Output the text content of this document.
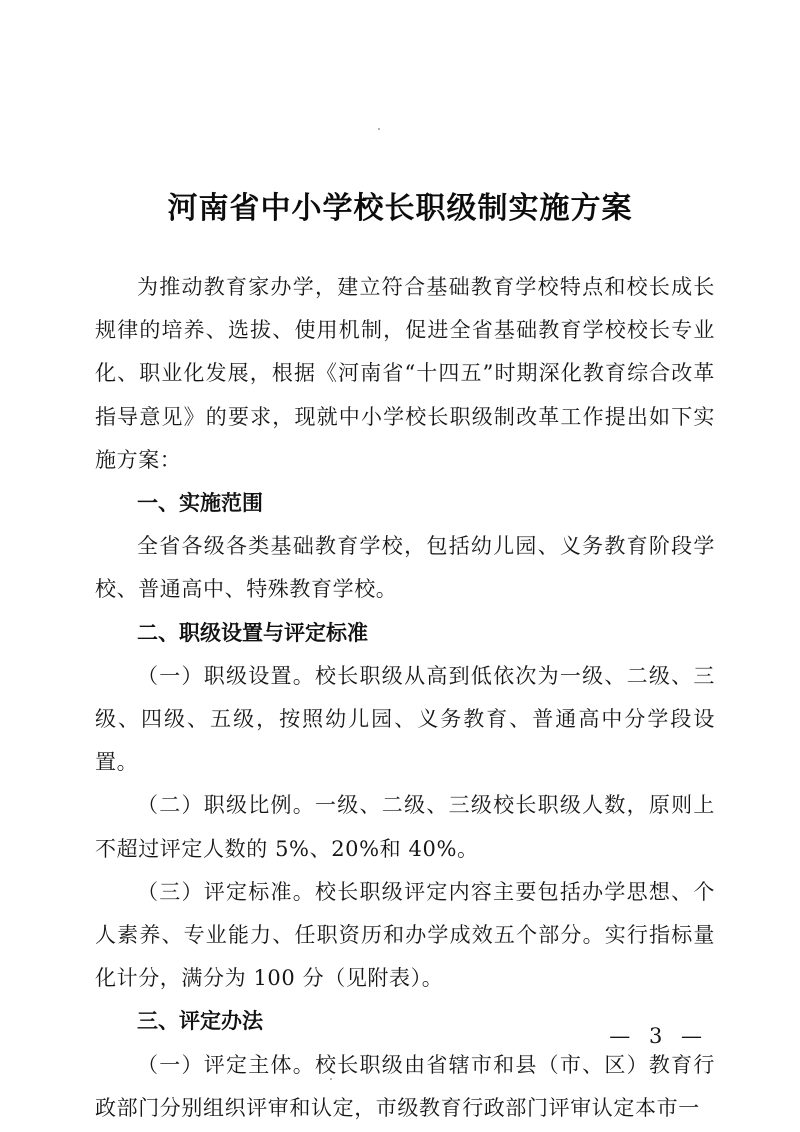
河南省中小学校长职级制实施方案

为推动教育家办学，建立符合基础教育学校特点和校长成长规律的培养、选拔、使用机制，促进全省基础教育学校校长专业化、职业化发展，根据《河南省“十四五”时期深化教育综合改革指导意见》的要求，现就中小学校长职级制改革工作提出如下实施方案：

一、实施范围

全省各级各类基础教育学校，包括幼儿园、义务教育阶段学校、普通高中、特殊教育学校。

二、职级设置与评定标准

（一）职级设置。校长职级从高到低依次为一级、二级、三级、四级、五级，按照幼儿园、义务教育、普通高中分学段设置。

（二）职级比例。一级、二级、三级校长职级人数，原则上不超过评定人数的 5%、20%和 40%。

（三）评定标准。校长职级评定内容主要包括办学思想、个人素养、专业能力、任职资历和办学成效五个部分。实行指标量化计分，满分为 100 分（见附表）。

三、评定办法

（一）评定主体。校长职级由省辖市和县（市、区）教育行政部门分别组织评审和认定，市级教育行政部门评审认定本市一

— 3 —
